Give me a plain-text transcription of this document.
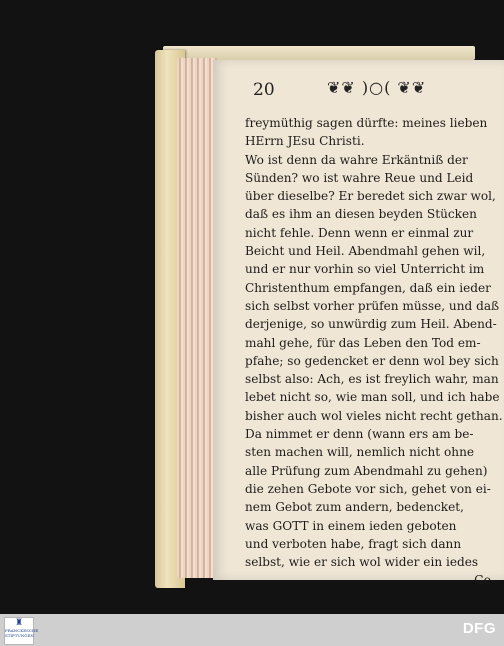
20	❦❦ )○( ❦❦
freymüthig sagen dürfte: meines lieben
HErrn JEsu Christi.
Wo ist denn da wahre Erkäntniß der
Sünden? wo ist wahre Reue und Leid
über dieselbe? Er beredet sich zwar wol,
daß es ihm an diesen beyden Stücken
nicht fehle. Denn wenn er einmal zur
Beicht und Heil. Abendmahl gehen wil,
und er nur vorhin so viel Unterricht im
Christenthum empfangen, daß ein ieder
sich selbst vorher prüfen müsse, und daß
derjenige, so unwürdig zum Heil. Abend-
mahl gehe, für das Leben den Tod em-
pfahe; so gedencket er denn wol bey sich
selbst also: Ach, es ist freylich wahr, man
lebet nicht so, wie man soll, und ich habe
bisher auch wol vieles nicht recht gethan.
Da nimmet er denn (wann ers am be-
sten machen will, nemlich nicht ohne
alle Prüfung zum Abendmahl zu gehen)
die zehen Gebote vor sich, gehet von ei-
nem Gebot zum andern, bedencket,
was GOTT in einem ieden geboten
und verboten habe, fragt sich dann
selbst, wie er sich wol wider ein iedes
Ge-
♜
FRANCKESCHE STIFTUNGEN	DFG
